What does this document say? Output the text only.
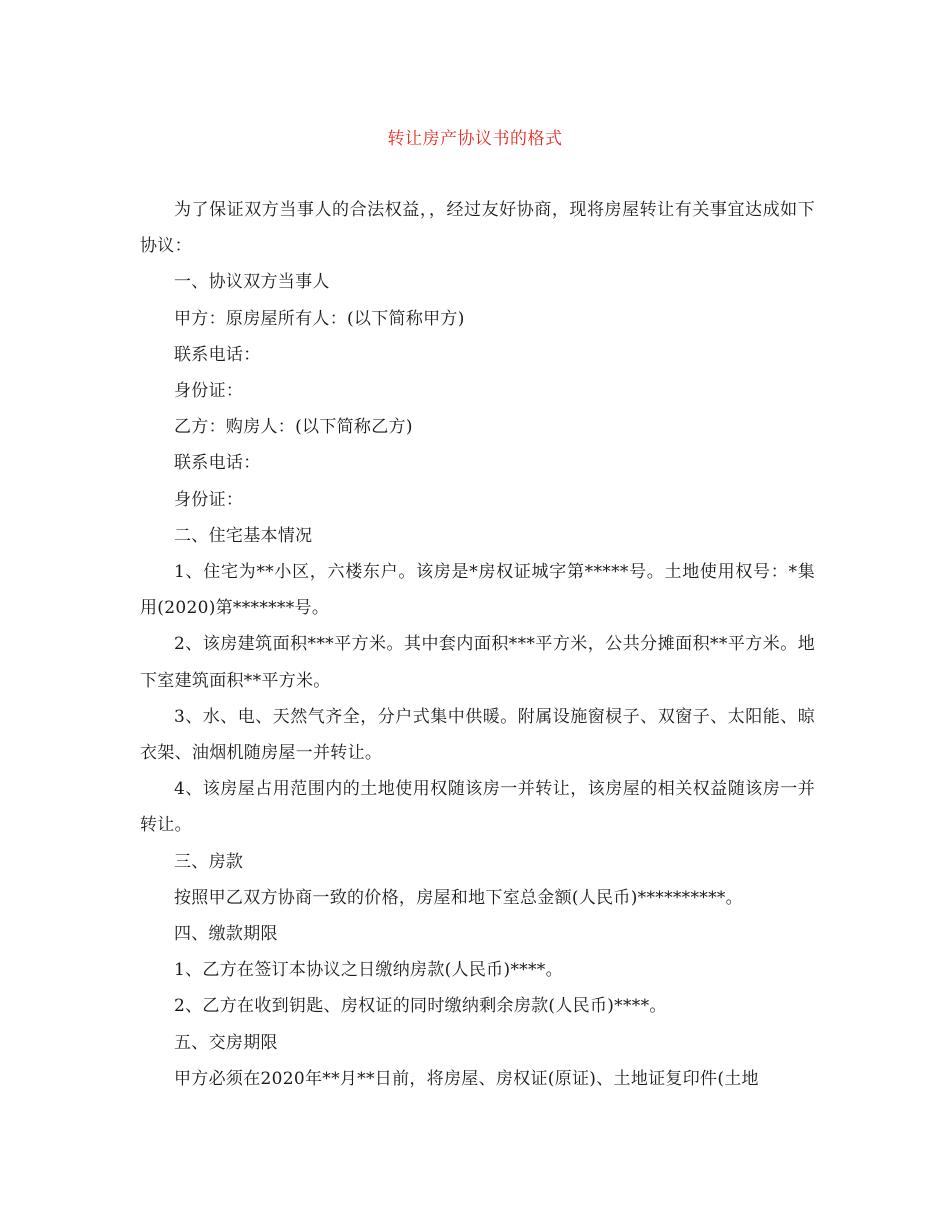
转让房产协议书的格式

为了保证双方当事人的合法权益，，经过友好协商，现将房屋转让有关事宜达成如下协议：

一、协议双方当事人

甲方：原房屋所有人：(以下简称甲方)

联系电话：

身份证：

乙方：购房人：(以下简称乙方)

联系电话：

身份证：

二、住宅基本情况

1、住宅为**小区，六楼东户。该房是*房权证城字第*****号。土地使用权号：*集用(2020)第*******号。

2、该房建筑面积***平方米。其中套内面积***平方米，公共分摊面积**平方米。地下室建筑面积**平方米。

3、水、电、天然气齐全，分户式集中供暖。附属设施窗棂子、双窗子、太阳能、晾衣架、油烟机随房屋一并转让。

4、该房屋占用范围内的土地使用权随该房一并转让，该房屋的相关权益随该房一并转让。

三、房款

按照甲乙双方协商一致的价格，房屋和地下室总金额(人民币)**********。

四、缴款期限

1、乙方在签订本协议之日缴纳房款(人民币)****。

2、乙方在收到钥匙、房权证的同时缴纳剩余房款(人民币)****。

五、交房期限

甲方必须在2020年**月**日前，将房屋、房权证(原证)、土地证复印件(土地
